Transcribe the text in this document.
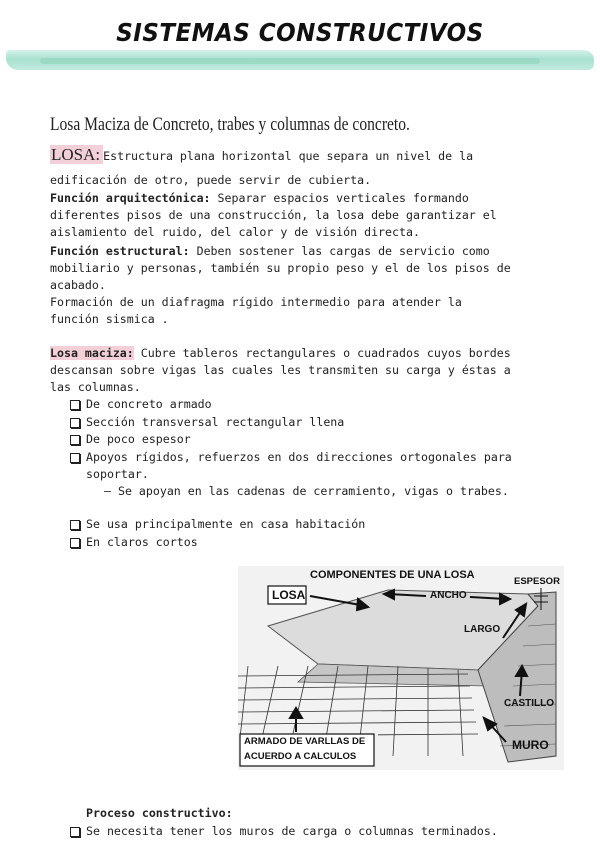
SISTEMAS CONSTRUCTIVOS
Losa Maciza de Concreto, trabes y columnas de concreto.
LOSA: Estructura plana horizontal que separa un nivel de la
edificación de otro, puede servir de cubierta.
Función arquitectónica: Separar espacios verticales formando
diferentes pisos de una construcción, la losa debe garantizar el
aislamiento del ruido, del calor y de visión directa.
Función estructural: Deben sostener las cargas de servicio como
mobiliario y personas, también su propio peso y el de los pisos de
acabado.
Formación de un diafragma rígido intermedio para atender la
función sismica .
Losa maciza: Cubre tableros rectangulares o cuadrados cuyos bordes
descansan sobre vigas las cuales les transmiten su carga y éstas a
las columnas.
De concreto armado
Sección transversal rectangular llena
De poco espesor
Apoyos rígidos, refuerzos en dos direcciones ortogonales para
soportar.
– Se apoyan en las cadenas de cerramiento, vigas o trabes.
Se usa principalmente en casa habitación
En claros cortos
COMPONENTES DE UNA LOSA
LOSA	ANCHO
ESPESOR
LARGO
CASTILLO
ARMADO DE VARLLAS DE
ACUERDO A CALCULOS
MURO
Proceso constructivo:
Se necesita tener los muros de carga o columnas terminados.
